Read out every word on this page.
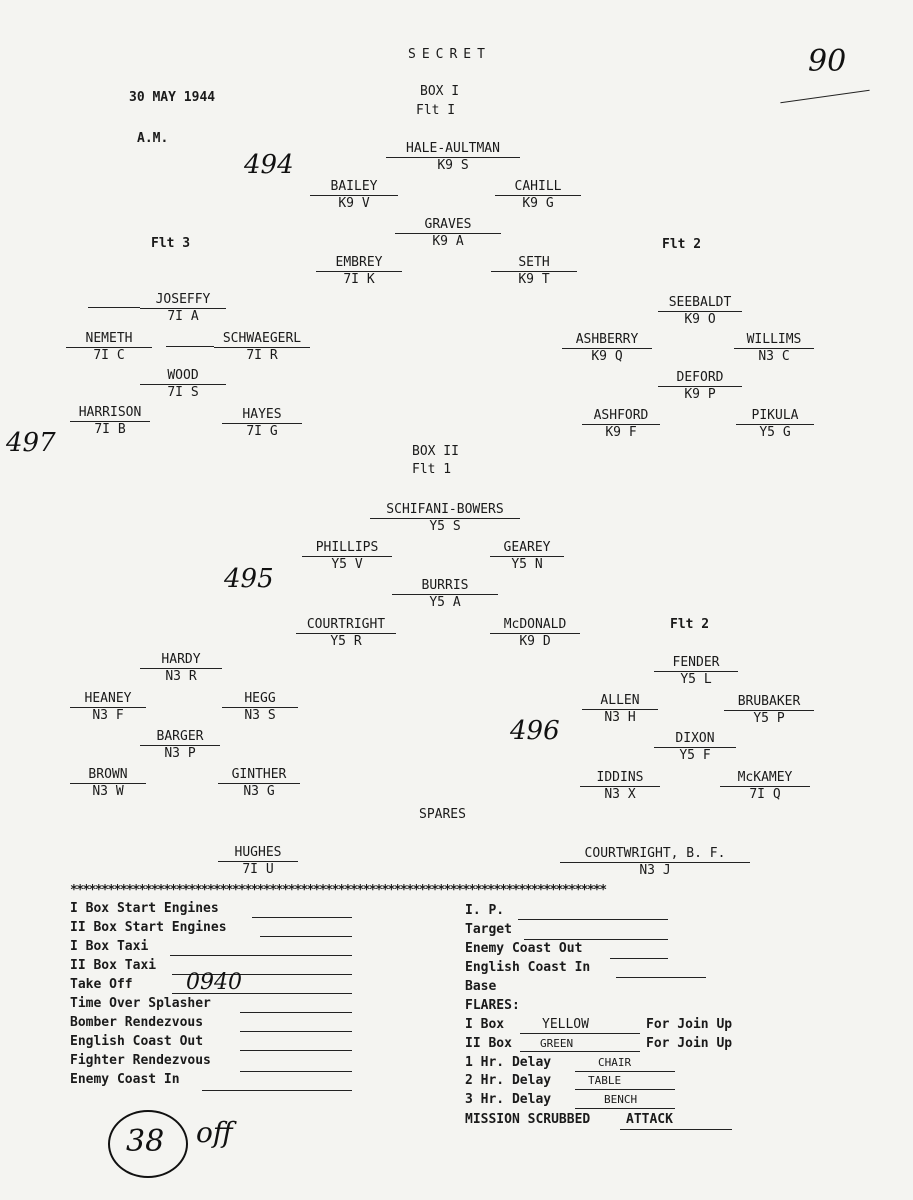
SECRET	90
30 MAY 1944
A.M.
BOX I
Flt I
494
Flt 3	Flt 2
497
HALE-AULTMAN
K9 S
BAILEY
K9 V
CAHILL
K9 G
GRAVES
K9 A
EMBREY
7I K
SETH
K9 T
JOSEFFY
7I A
NEMETH
7I C
SCHWAEGERL
7I R
WOOD
7I S
HARRISON
7I B
HAYES
7I G
SEEBALDT
K9 O
ASHBERRY
K9 Q
WILLIMS
N3 C
DEFORD
K9 P
ASHFORD
K9 F
PIKULA
Y5 G
BOX II
Flt 1
495
Flt 2
496
SCHIFANI-BOWERS
Y5 S
PHILLIPS
Y5 V
GEAREY
Y5 N
BURRIS
Y5 A
COURTRIGHT
Y5 R
McDONALD
K9 D
HARDY
N3 R
HEANEY
N3 F
HEGG
N3 S
BARGER
N3 P
BROWN
N3 W
GINTHER
N3 G
FENDER
Y5 L
ALLEN
N3 H
BRUBAKER
Y5 P
DIXON
Y5 F
IDDINS
N3 X
McKAMEY
7I Q
SPARES
HUGHES
7I U
COURTWRIGHT, B. F.
N3 J
**************************************************************************************
I Box Start Engines
II Box Start Engines
I Box Taxi
II Box Taxi
Take Off 0940
Time Over Splasher
Bomber Rendezvous
English Coast Out
Fighter Rendezvous
Enemy Coast In
I. P.
Target
Enemy Coast Out
English Coast In
Base
FLARES:
I Box	YELLOW	For Join Up
II Box	GREEN	For Join Up
1 Hr. Delay	CHAIR
2 Hr. Delay	TABLE
3 Hr. Delay	BENCH
MISSION SCRUBBED	ATTACK
38 off
